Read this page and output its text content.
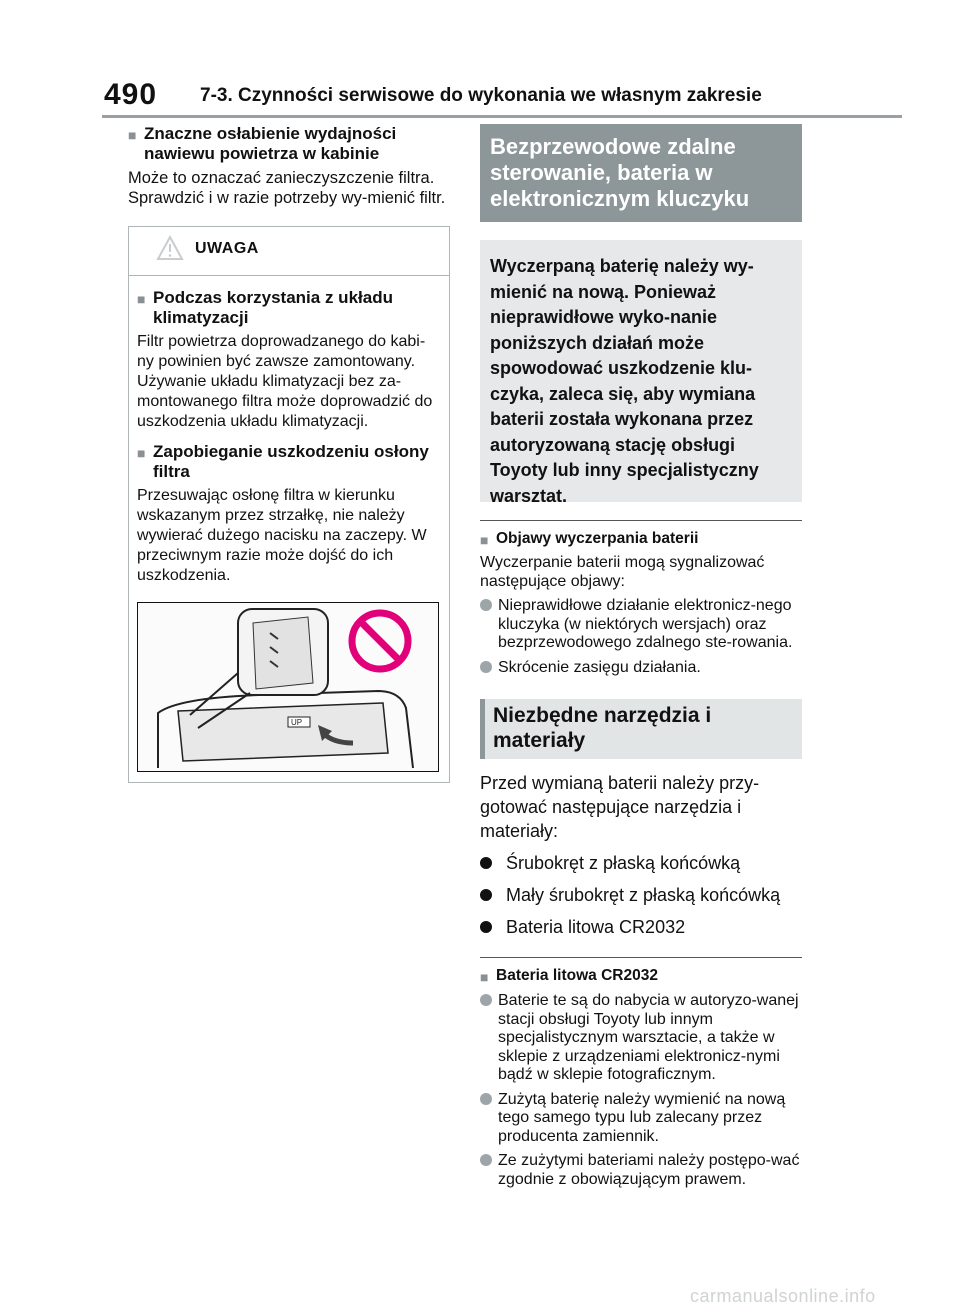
490 7-3. Czynności serwisowe do wykonania we własnym zakresie
■ Znaczne osłabienie wydajności nawiewu powietrza w kabinie
Może to oznaczać zanieczyszczenie filtra. Sprawdzić i w razie potrzeby wy-mienić filtr.
UWAGA
■ Podczas korzystania z układu klimatyzacji
Filtr powietrza doprowadzanego do kabi-ny powinien być zawsze zamontowany. Używanie układu klimatyzacji bez za-montowanego filtra może doprowadzić do uszkodzenia układu klimatyzacji.
■ Zapobieganie uszkodzeniu osłony filtra
Przesuwając osłonę filtra w kierunku wskazanym przez strzałkę, nie należy wywierać dużego nacisku na zaczepy. W przeciwnym razie może dojść do ich uszkodzenia.
UP
Bezprzewodowe zdalne sterowanie, bateria w elektronicznym kluczyku
Wyczerpaną baterię należy wy-mienić na nową. Ponieważ nieprawidłowe wyko-nanie poniższych działań może spowodować uszkodzenie klu-czyka, zaleca się, aby wymiana baterii została wykonana przez autoryzowaną stację obsługi Toyoty lub inny specjalistyczny warsztat.
■ Objawy wyczerpania baterii
Wyczerpanie baterii mogą sygnalizować następujące objawy:
Nieprawidłowe działanie elektronicz-nego kluczyka (w niektórych wersjach) oraz bezprzewodowego zdalnego ste-rowania.
Skrócenie zasięgu działania.
Niezbędne narzędzia i materiały
Przed wymianą baterii należy przy-gotować następujące narzędzia i materiały:
Śrubokręt z płaską końcówką
Mały śrubokręt z płaską końcówką
Bateria litowa CR2032
■ Bateria litowa CR2032
Baterie te są do nabycia w autoryzo-wanej stacji obsługi Toyoty lub innym specjalistycznym warsztacie, a także w sklepie z urządzeniami elektronicz-nymi bądź w sklepie fotograficznym.
Zużytą baterię należy wymienić na nową tego samego typu lub zalecany przez producenta zamiennik.
Ze zużytymi bateriami należy postępo-wać zgodnie z obowiązującym prawem.
carmanualsonline.info
